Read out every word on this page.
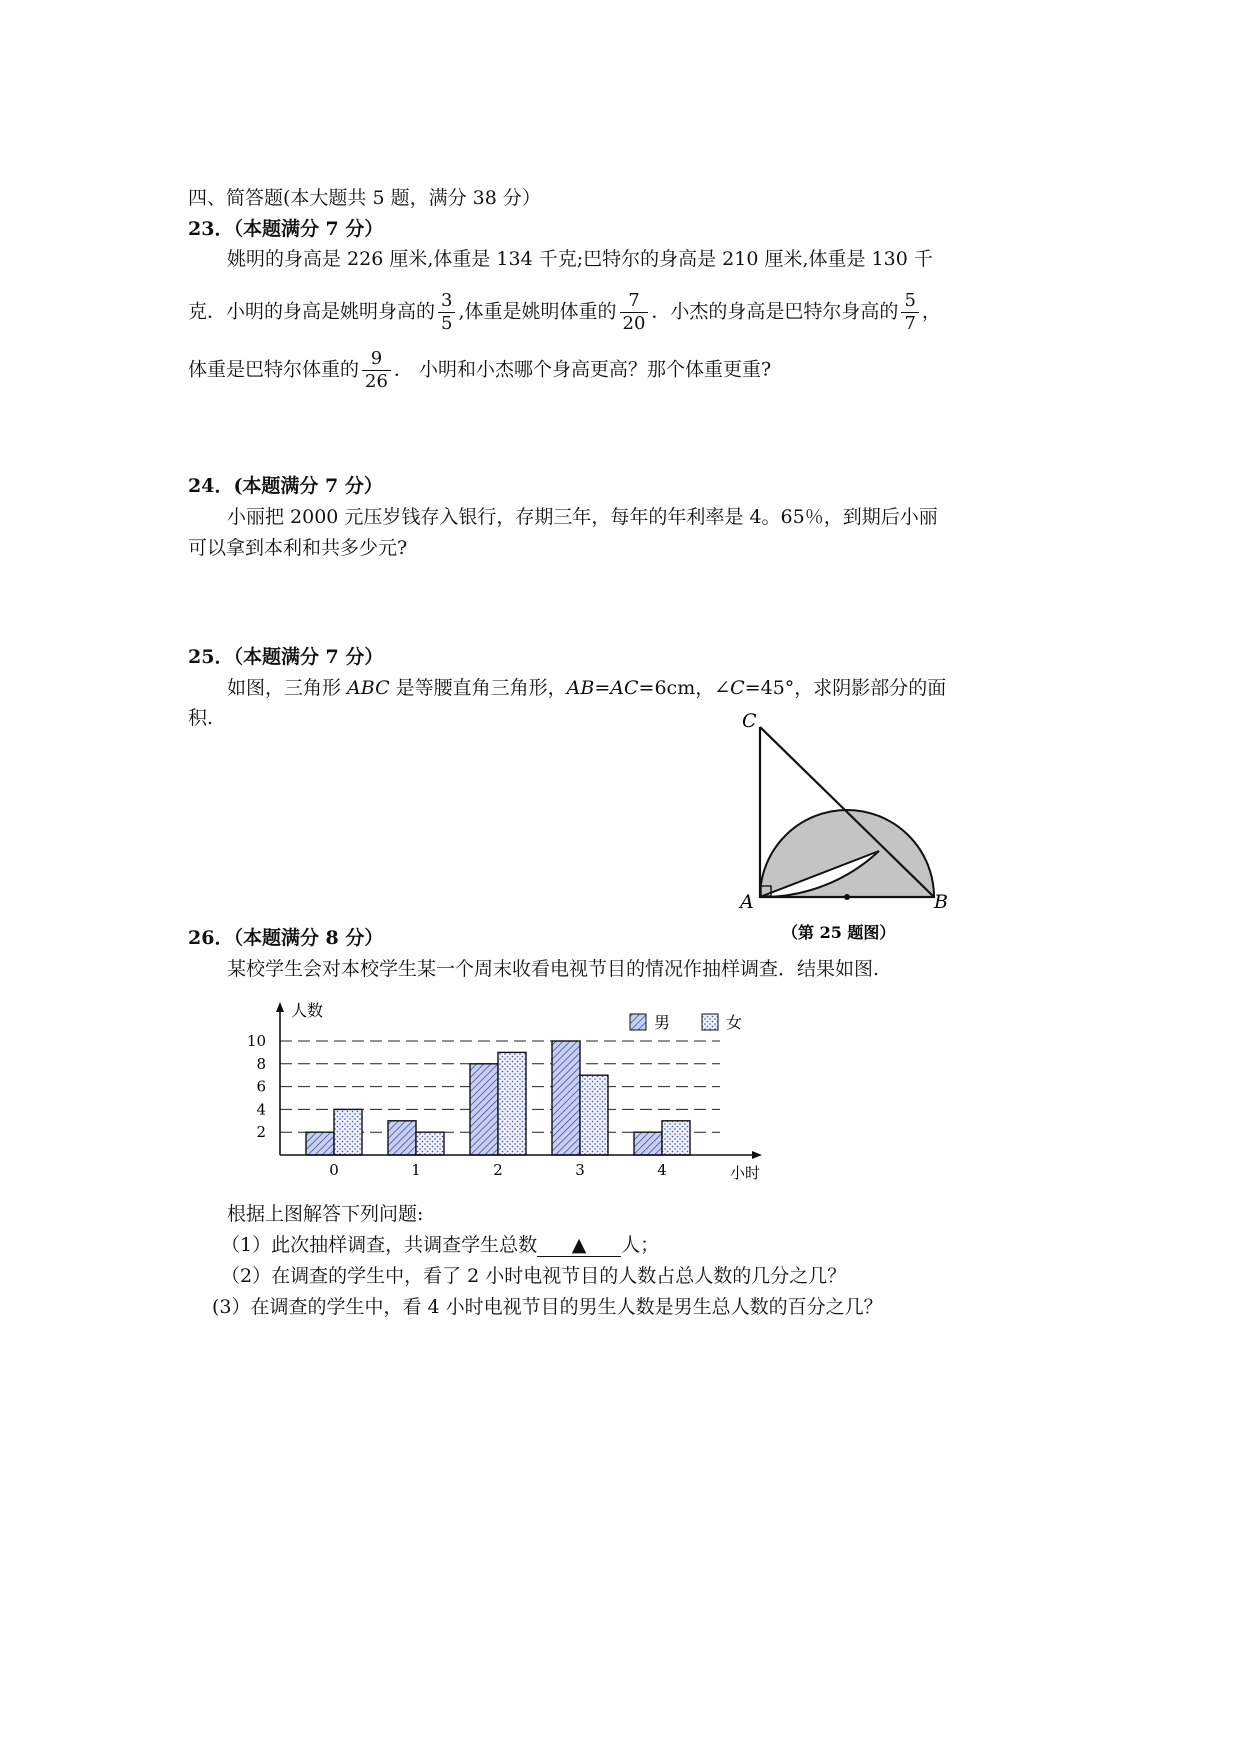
四、简答题(本大题共 5 题，满分 38 分）
23．（本题满分 7 分）
姚明的身高是 226 厘米,体重是 134 千克;巴特尔的身高是 210 厘米,体重是 130 千
克．小明的身高是姚明身高的 $\frac{3}{5}$ ,体重是姚明体重的 $\frac{7}{20}$ ．小杰的身高是巴特尔身高的 $\frac{5}{7}$ ，
体重是巴特尔体重的 $\frac{9}{26}$ ． 小明和小杰哪个身高更高？那个体重更重?
24．(本题满分 7 分）
小丽把 2000 元压岁钱存入银行，存期三年，每年的年利率是 4。65％，到期后小丽
可以拿到本利和共多少元?
25．（本题满分 7 分）
如图，三角形 ABC 是等腰直角三角形，AB=AC=6cm，∠C=45°，求阴影部分的面
积.	C
A	B
（第 25 题图）
26．（本题满分 8 分）
某校学生会对本校学生某一个周末收看电视节目的情况作抽样调查．结果如图.
2
4
6
8
10
0	1	2	3	4
人数
小时
男	女
根据上图解答下列问题:
（1）此次抽样调查，共调查学生总数 ▲ 人；
（2）在调查的学生中，看了 2 小时电视节目的人数占总人数的几分之几？
(3）在调查的学生中，看 4 小时电视节目的男生人数是男生总人数的百分之几？
